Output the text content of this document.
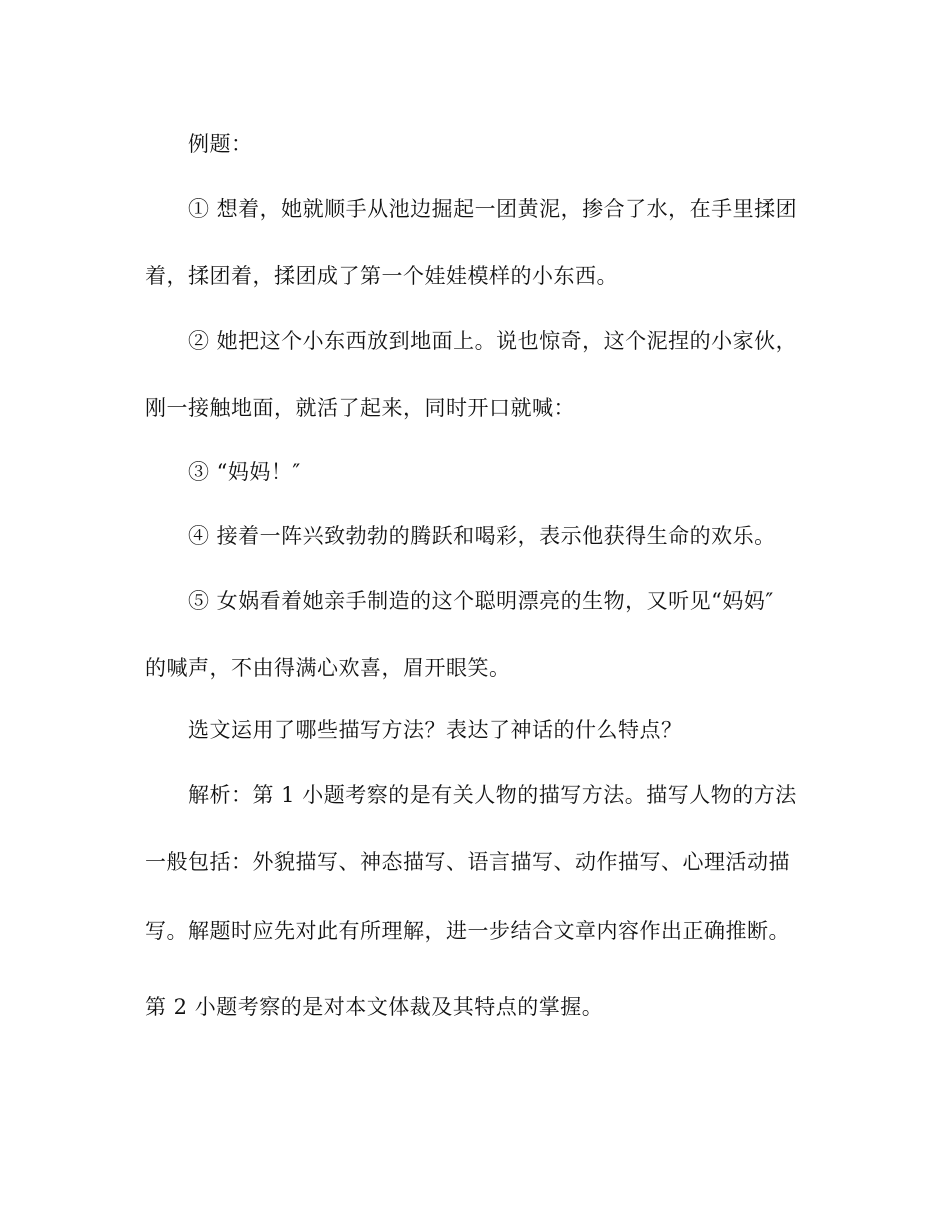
例题：
① 想着，她就顺手从池边掘起一团黄泥，掺合了水，在手里揉团
着，揉团着，揉团成了第一个娃娃模样的小东西。
② 她把这个小东西放到地面上。说也惊奇，这个泥捏的小家伙，
刚一接触地面，就活了起来，同时开口就喊：
③ “妈妈！″
④ 接着一阵兴致勃勃的腾跃和喝彩，表示他获得生命的欢乐。
⑤ 女娲看着她亲手制造的这个聪明漂亮的生物，又听见“妈妈″
的喊声，不由得满心欢喜，眉开眼笑。
选文运用了哪些描写方法？表达了神话的什么特点？
解析：第 1 小题考察的是有关人物的描写方法。描写人物的方法
一般包括：外貌描写、神态描写、语言描写、动作描写、心理活动描
写。解题时应先对此有所理解，进一步结合文章内容作出正确推断。
第 2 小题考察的是对本文体裁及其特点的掌握。
